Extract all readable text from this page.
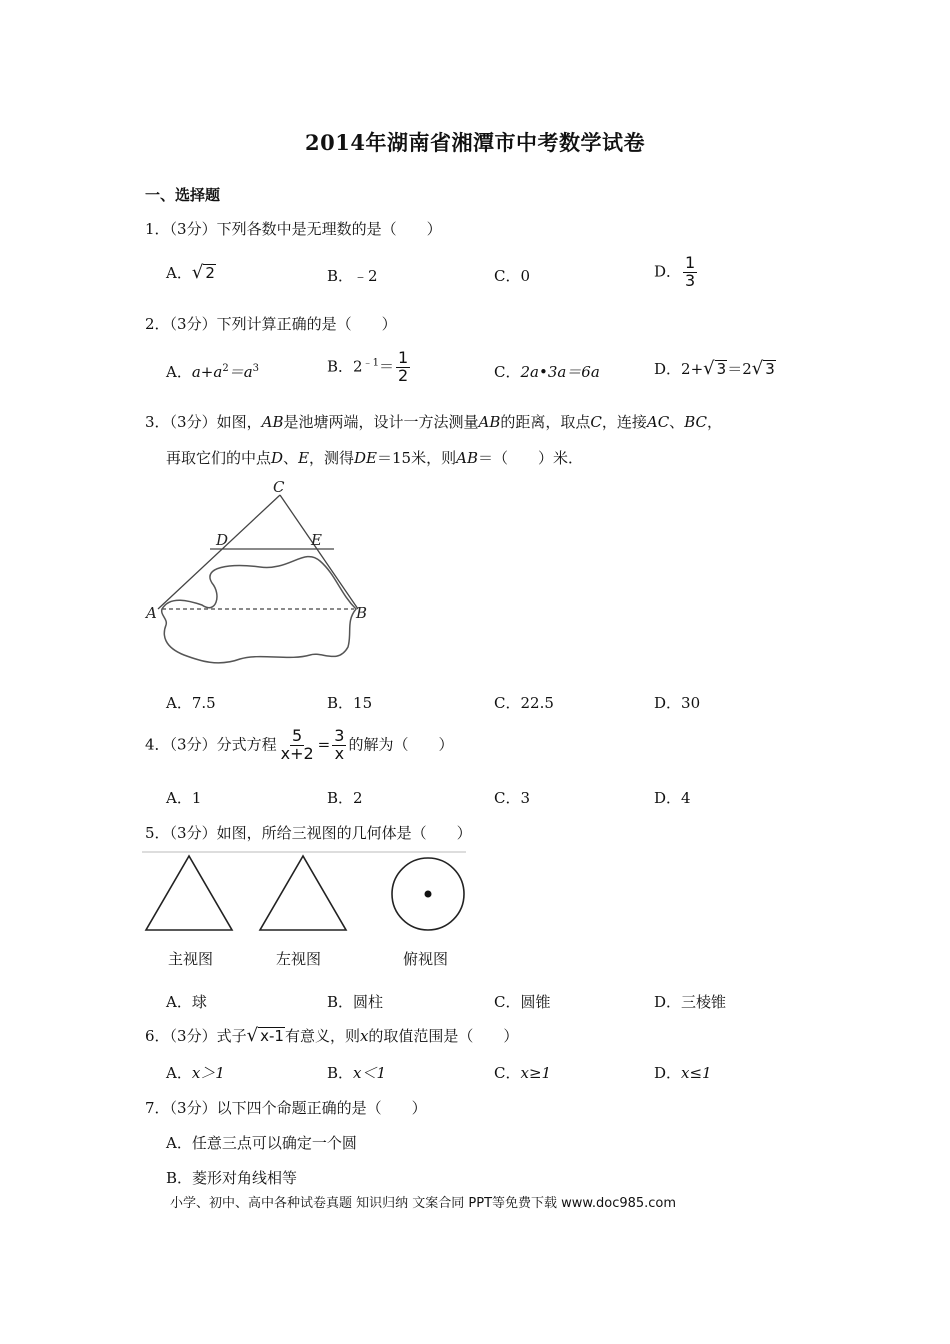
2014年湖南省湘潭市中考数学试卷
一、选择题
1．（3分）下列各数中是无理数的是（　　）
A．√ 2	B．﹣2	C．0	D． $\frac{1}{3}$
2．（3分）下列计算正确的是（　　）
A．$a+a^2=a^3$	B．$2^{﹣1}= \frac{1}{2}$	C．2a•3a＝6a	D．2+√ 3＝2√ 3
3．（3分）如图，AB是池塘两端，设计一方法测量AB的距离，取点C，连接AC、BC，
再取它们的中点D、E，测得DE＝15米，则AB＝（　　）米．
C
D	E
A	B
A．7.5	B．15	C．22.5	D．30
4．（3分）分式方程 $\frac{5}{x+2} = \frac{3}{x}$ 的解为（　　）
A．1	B．2	C．3	D．4
5．（3分）如图，所给三视图的几何体是（　　）
主视图	左视图	俯视图
A．球	B．圆柱	C．圆锥	D．三棱锥
6．（3分）式子√ x-1有意义，则x的取值范围是（　　）
A．x＞1	B．x＜1	C．x≥1	D．x≤1
7．（3分）以下四个命题正确的是（　　）
A．任意三点可以确定一个圆
B．菱形对角线相等
小学、初中、高中各种试卷真题 知识归纳 文案合同 PPT等免费下载 www.doc985.com
